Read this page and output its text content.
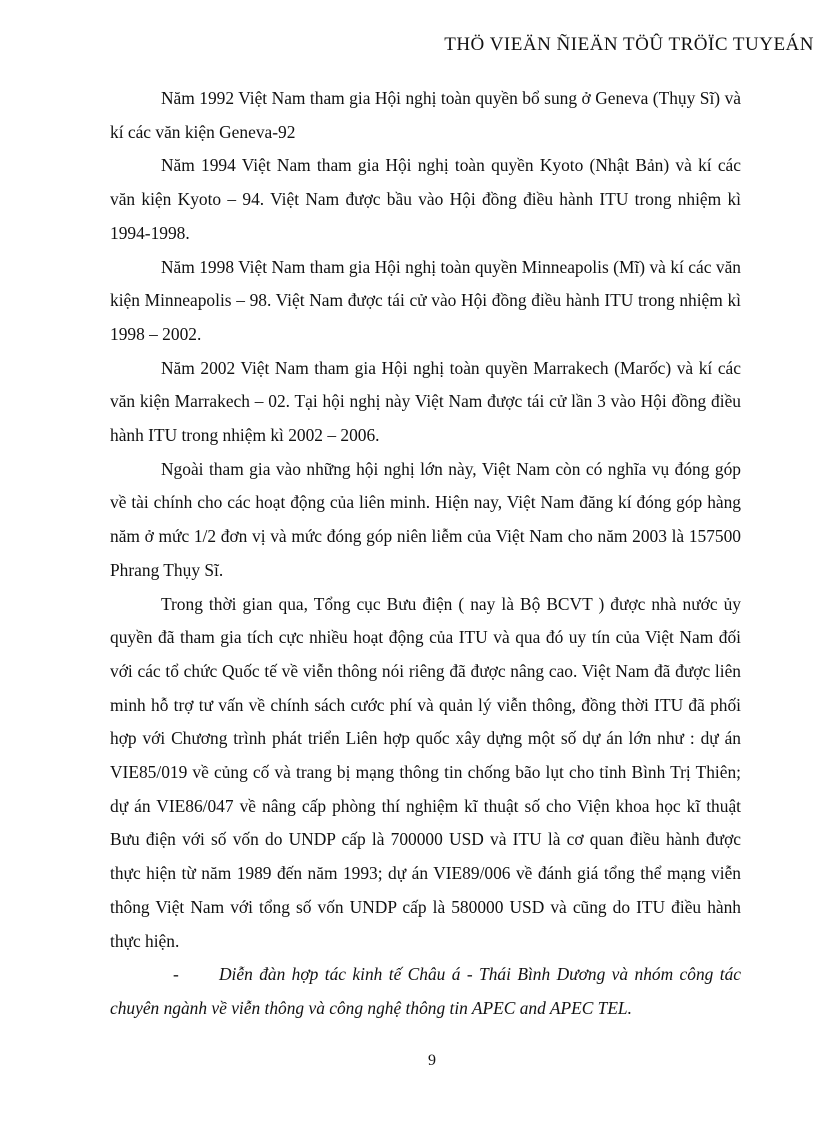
THÖ VIEÄN ÑIEÄN TÖÛ TRÖÏC TUYEÁN

Năm 1992 Việt Nam tham gia Hội nghị toàn quyền bổ sung ở Geneva (Thụy Sĩ) và kí các văn kiện Geneva-92

Năm 1994 Việt Nam tham gia Hội nghị toàn quyền Kyoto (Nhật Bản) và kí các văn kiện Kyoto – 94. Việt Nam được bầu vào Hội đồng điều hành ITU trong nhiệm kì 1994-1998.

Năm 1998 Việt Nam tham gia Hội nghị toàn quyền Minneapolis (Mĩ) và kí các văn kiện Minneapolis – 98. Việt Nam được tái cử vào Hội đồng điều hành ITU trong nhiệm kì 1998 – 2002.

Năm 2002 Việt Nam tham gia Hội nghị toàn quyền Marrakech (Marốc) và kí các văn kiện Marrakech – 02. Tại hội nghị này Việt Nam được tái cử lần 3 vào Hội đồng điều hành ITU trong nhiệm kì 2002 – 2006.

Ngoài tham gia vào những hội nghị lớn này, Việt Nam còn có nghĩa vụ đóng góp về tài chính cho các hoạt động của liên minh. Hiện nay, Việt Nam đăng kí đóng góp hàng năm ở mức 1/2 đơn vị và mức đóng góp niên liễm của Việt Nam cho năm 2003 là 157500 Phrang Thụy Sĩ.

Trong thời gian qua, Tổng cục Bưu điện ( nay là Bộ BCVT ) được nhà nước ủy quyền đã tham gia tích cực nhiều hoạt động của ITU và qua đó uy tín của Việt Nam đối với các tổ chức Quốc tế về viễn thông nói riêng đã được nâng cao. Việt Nam đã được liên minh hỗ trợ tư vấn về chính sách cước phí và quản lý viễn thông, đồng thời ITU đã phối hợp với Chương trình phát triển Liên hợp quốc xây dựng một số dự án lớn như : dự án VIE85/019 về củng cố và trang bị mạng thông tin chống bão lụt cho tỉnh Bình Trị Thiên; dự án VIE86/047 về nâng cấp phòng thí nghiệm kĩ thuật số cho Viện khoa học kĩ thuật Bưu điện với số vốn do UNDP cấp là 700000 USD và ITU là cơ quan điều hành được thực hiện từ năm 1989 đến năm 1993; dự án VIE89/006 về đánh giá tổng thể mạng viễn thông Việt Nam với tổng số vốn UNDP cấp là 580000 USD và cũng do ITU điều hành thực hiện.

- Diễn đàn hợp tác kinh tế Châu á - Thái Bình Dương và nhóm công tác chuyên ngành về viễn thông và công nghệ thông tin APEC and APEC TEL.

9
